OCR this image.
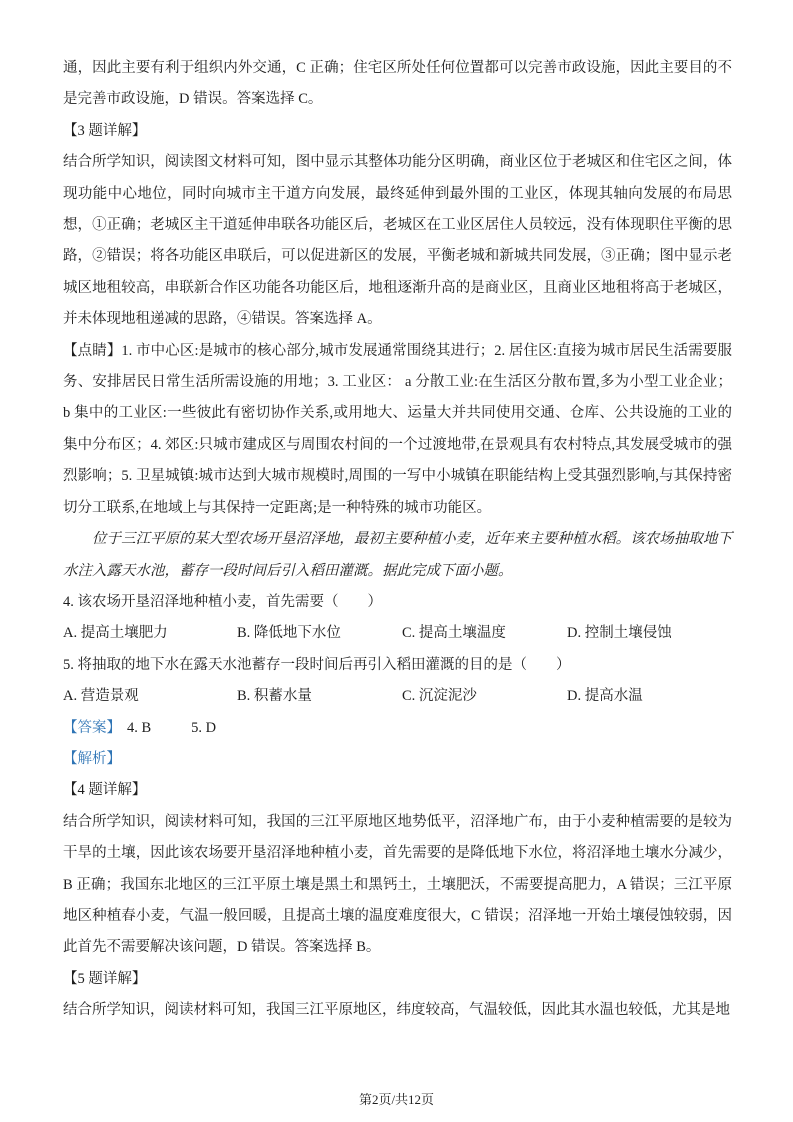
通，因此主要有利于组织内外交通，C 正确；住宅区所处任何位置都可以完善市政设施，因此主要目的不是完善市政设施，D 错误。答案选择 C。

【3 题详解】

结合所学知识，阅读图文材料可知，图中显示其整体功能分区明确，商业区位于老城区和住宅区之间，体现功能中心地位，同时向城市主干道方向发展，最终延伸到最外围的工业区，体现其轴向发展的布局思想，①正确；老城区主干道延伸串联各功能区后，老城区在工业区居住人员较远，没有体现职住平衡的思路，②错误；将各功能区串联后，可以促进新区的发展，平衡老城和新城共同发展，③正确；图中显示老城区地租较高，串联新合作区功能各功能区后，地租逐渐升高的是商业区，且商业区地租将高于老城区，并未体现地租递减的思路，④错误。答案选择 A。

【点睛】1. 市中心区:是城市的核心部分,城市发展通常围绕其进行；2. 居住区:直接为城市居民生活需要服务、安排居民日常生活所需设施的用地；3. 工业区： a 分散工业:在生活区分散布置,多为小型工业企业； b 集中的工业区:一些彼此有密切协作关系,或用地大、运量大并共同使用交通、仓库、公共设施的工业的集中分布区；4. 郊区:只城市建成区与周围农村间的一个过渡地带,在景观具有农村特点,其发展受城市的强烈影响；5. 卫星城镇:城市达到大城市规模时,周围的一写中小城镇在职能结构上受其强烈影响,与其保持密切分工联系,在地域上与其保持一定距离;是一种特殊的城市功能区。

位于三江平原的某大型农场开垦沼泽地，最初主要种植小麦，近年来主要种植水稻。该农场抽取地下水注入露天水池，蓄存一段时间后引入稻田灌溉。据此完成下面小题。

4. 该农场开垦沼泽地种植小麦，首先需要（　　）

A. 提高土壤肥力	B. 降低地下水位	C. 提高土壤温度	D. 控制土壤侵蚀

5. 将抽取的地下水在露天水池蓄存一段时间后再引入稻田灌溉的目的是（　　）

A. 营造景观	B. 积蓄水量	C. 沉淀泥沙	D. 提高水温

【答案】 4. B	5. D

【解析】

【4 题详解】

结合所学知识，阅读材料可知，我国的三江平原地区地势低平，沼泽地广布，由于小麦种植需要的是较为干旱的土壤，因此该农场要开垦沼泽地种植小麦，首先需要的是降低地下水位，将沼泽地土壤水分减少，B 正确；我国东北地区的三江平原土壤是黑土和黑钙土，土壤肥沃，不需要提高肥力，A 错误；三江平原地区种植春小麦，气温一般回暖，且提高土壤的温度难度很大，C 错误；沼泽地一开始土壤侵蚀较弱，因此首先不需要解决该问题，D 错误。答案选择 B。

【5 题详解】

结合所学知识，阅读材料可知，我国三江平原地区，纬度较高，气温较低，因此其水温也较低，尤其是地

第2页/共12页
